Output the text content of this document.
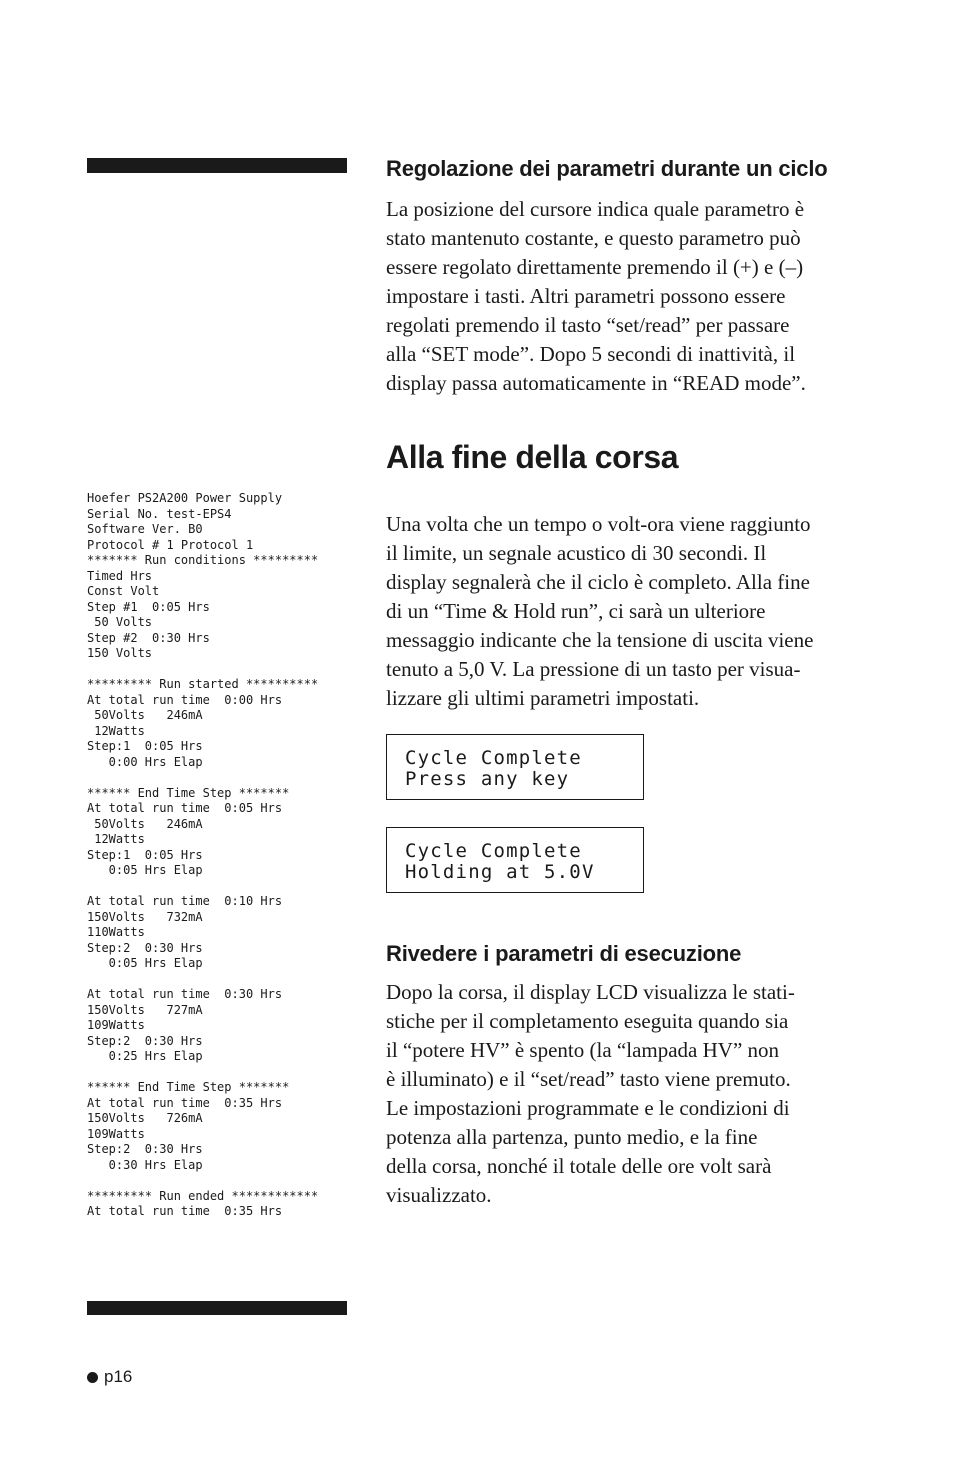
Hoefer PS2A200 Power Supply
Serial No. test-EPS4
Software Ver. B0
Protocol # 1 Protocol 1
******* Run conditions *********
Timed Hrs
Const Volt
Step #1  0:05 Hrs
50 Volts
Step #2  0:30 Hrs
150 Volts
********* Run started **********
At total run time  0:00 Hrs
50Volts   246mA
12Watts
Step:1  0:05 Hrs
0:00 Hrs Elap
****** End Time Step *******
At total run time  0:05 Hrs
50Volts   246mA
12Watts
Step:1  0:05 Hrs
0:05 Hrs Elap
At total run time  0:10 Hrs
150Volts   732mA
110Watts
Step:2  0:30 Hrs
0:05 Hrs Elap
At total run time  0:30 Hrs
150Volts   727mA
109Watts
Step:2  0:30 Hrs
0:25 Hrs Elap
****** End Time Step *******
At total run time  0:35 Hrs
150Volts   726mA
109Watts
Step:2  0:30 Hrs
0:30 Hrs Elap
********* Run ended ************
At total run time  0:35 Hrs
Regolazione dei parametri durante un ciclo

La posizione del cursore indica quale parametro è
stato mantenuto costante, e questo parametro può
essere regolato direttamente premendo il (+) e (–)
impostare i tasti. Altri parametri possono essere
regolati premendo il tasto “set/read” per passare
alla “SET mode”. Dopo 5 secondi di inattività, il
display passa automaticamente in “READ mode”.

Alla fine della corsa

Una volta che un tempo o volt-ora viene raggiunto
il limite, un segnale acustico di 30 secondi. Il
display segnalerà che il ciclo è completo. Alla fine
di un “Time & Hold run”, ci sarà un ulteriore
messaggio indicante che la tensione di uscita viene
tenuto a 5,0 V. La pressione di un tasto per visua-
lizzare gli ultimi parametri impostati.

Cycle Complete
Press any key
Cycle Complete
Holding at 5.0V
Rivedere i parametri di esecuzione

Dopo la corsa, il display LCD visualizza le stati-
stiche per il completamento eseguita quando sia
il “potere HV” è spento (la “lampada HV” non
è illuminato) e il “set/read” tasto viene premuto.
Le impostazioni programmate e le condizioni di
potenza alla partenza, punto medio, e la fine
della corsa, nonché il totale delle ore volt sarà
visualizzato.

p16
